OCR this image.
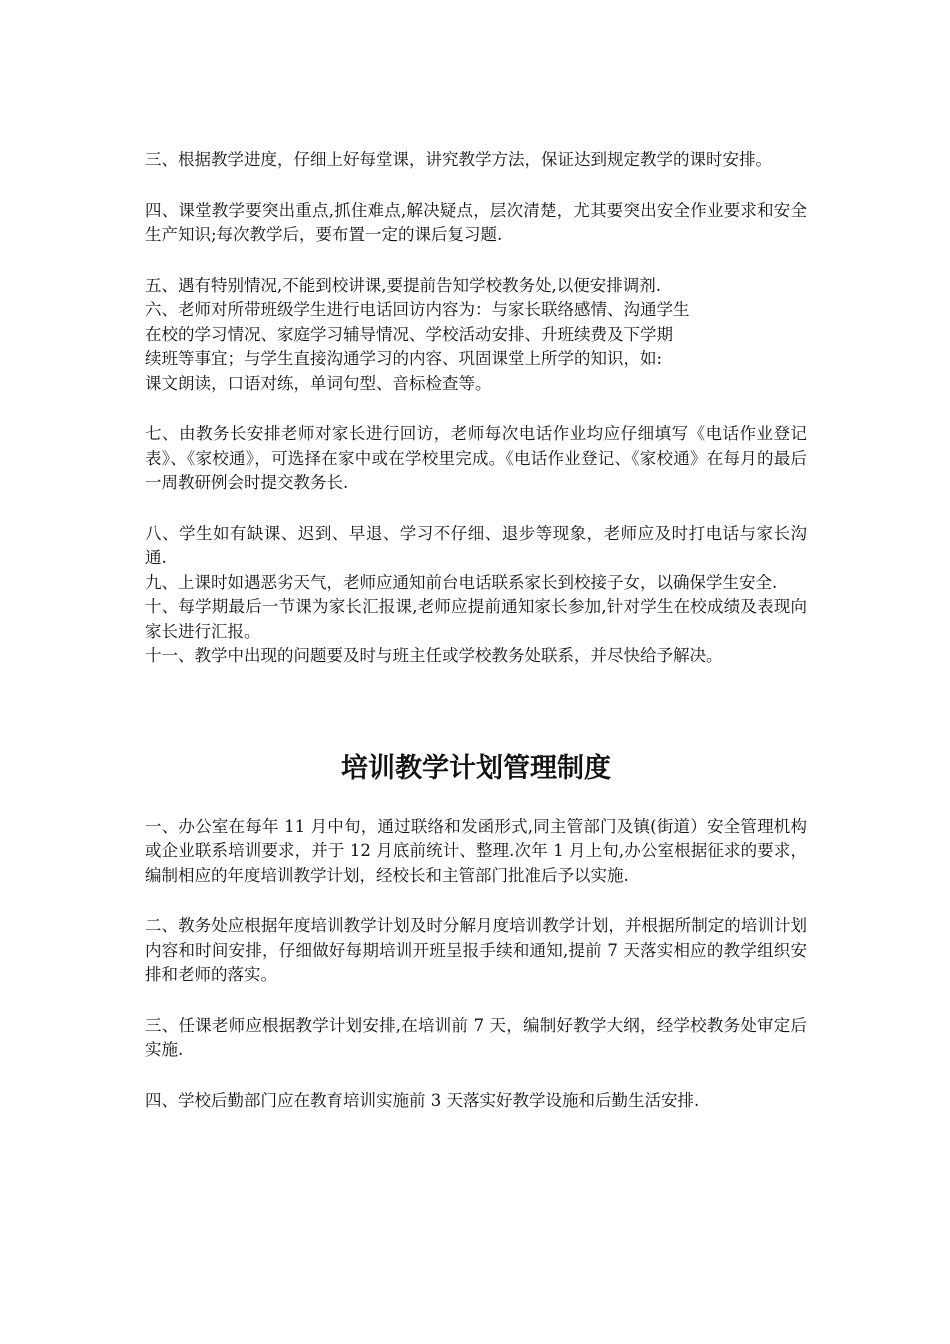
三、根据教学进度，仔细上好每堂课，讲究教学方法，保证达到规定教学的课时安排。

四、课堂教学要突出重点,抓住难点,解决疑点，层次清楚，尤其要突出安全作业要求和安全生产知识;每次教学后，要布置一定的课后复习题.

五、遇有特别情况,不能到校讲课,要提前告知学校教务处,以便安排调剂.

六、老师对所带班级学生进行电话回访内容为：与家长联络感情、沟通学生
在校的学习情况、家庭学习辅导情况、学校活动安排、升班续费及下学期
续班等事宜；与学生直接沟通学习的内容、巩固课堂上所学的知识，如:
课文朗读，口语对练，单词句型、音标检查等。

七、由教务长安排老师对家长进行回访，老师每次电话作业均应仔细填写《电话作业登记表》、《家校通》，可选择在家中或在学校里完成。《电话作业登记、《家校通》在每月的最后一周教研例会时提交教务长.

八、学生如有缺课、迟到、早退、学习不仔细、退步等现象，老师应及时打电话与家长沟通.

九、上课时如遇恶劣天气，老师应通知前台电话联系家长到校接子女，以确保学生安全.

十、每学期最后一节课为家长汇报课,老师应提前通知家长参加,针对学生在校成绩及表现向家长进行汇报。

十一、教学中出现的问题要及时与班主任或学校教务处联系，并尽快给予解决。

培训教学计划管理制度

一、办公室在每年 11 月中旬，通过联络和发函形式,同主管部门及镇(街道）安全管理机构或企业联系培训要求，并于 12 月底前统计、整理.次年 1 月上旬,办公室根据征求的要求，编制相应的年度培训教学计划，经校长和主管部门批准后予以实施.

二、教务处应根据年度培训教学计划及时分解月度培训教学计划，并根据所制定的培训计划内容和时间安排，仔细做好每期培训开班呈报手续和通知,提前 7 天落实相应的教学组织安排和老师的落实。

三、任课老师应根据教学计划安排,在培训前 7 天，编制好教学大纲，经学校教务处审定后实施.

四、学校后勤部门应在教育培训实施前 3 天落实好教学设施和后勤生活安排.
